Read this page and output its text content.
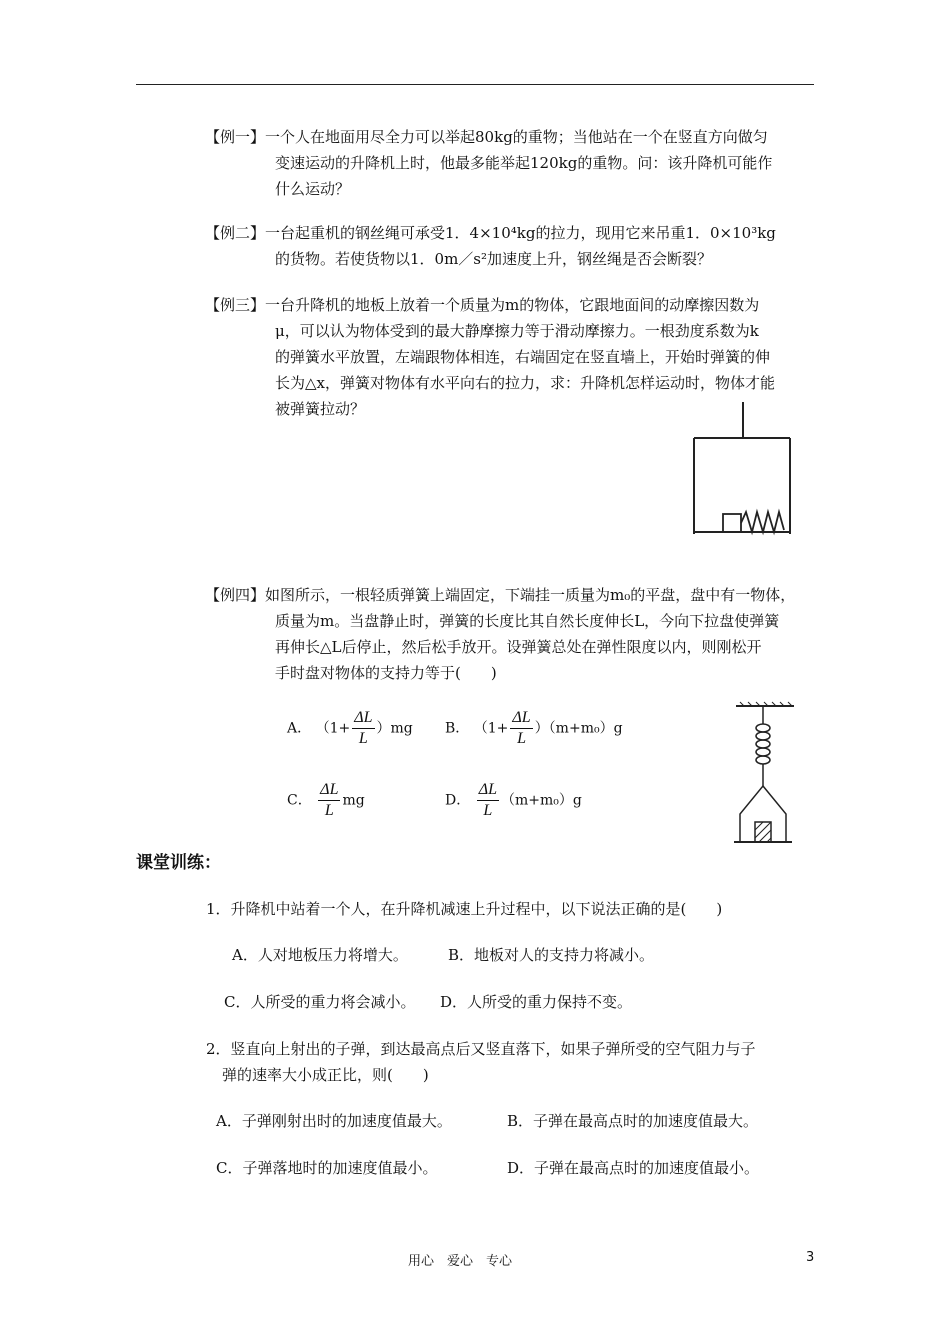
【例一】一个人在地面用尽全力可以举起80kg的重物；当他站在一个在竖直方向做匀
变速运动的升降机上时，他最多能举起120kg的重物。问：该升降机可能作
什么运动？
【例二】一台起重机的钢丝绳可承受1．4×10⁴kg的拉力，现用它来吊重1．0×10³kg
的货物。若使货物以1．0m／s²加速度上升，钢丝绳是否会断裂？
【例三】一台升降机的地板上放着一个质量为m的物体，它跟地面间的动摩擦因数为
μ，可以认为物体受到的最大静摩擦力等于滑动摩擦力。一根劲度系数为k
的弹簧水平放置，左端跟物体相连，右端固定在竖直墙上，开始时弹簧的伸
长为△x，弹簧对物体有水平向右的拉力，求：升降机怎样运动时，物体才能
被弹簧拉动？
【例四】如图所示，一根轻质弹簧上端固定，下端挂一质量为m₀的平盘，盘中有一物体，
质量为m。当盘静止时，弹簧的长度比其自然长度伸长L，今向下拉盘使弹簧
再伸长△L后停止，然后松手放开。设弹簧总处在弹性限度以内，则刚松开
手时盘对物体的支持力等于(　　)
A． $(1+ \frac{\Delta L}{L} )mg$ B． $(1+ \frac{\Delta L}{L} )(m+m_0)g$
C． $\frac{\Delta L}{L}$ mg	D． $\frac{\Delta L}{L} (m+m_0)g$
课堂训练：
1．升降机中站着一个人，在升降机减速上升过程中，以下说法正确的是(　　)
A．人对地板压力将增大。	B．地板对人的支持力将减小。
C．人所受的重力将会减小。 D．人所受的重力保持不变。
2．竖直向上射出的子弹，到达最高点后又竖直落下，如果子弹所受的空气阻力与子
弹的速率大小成正比，则(　　)
A．子弹刚射出时的加速度值最大。	B．子弹在最高点时的加速度值最大。
C．子弹落地时的加速度值最小。	D．子弹在最高点时的加速度值最小。
用心　爱心　专心	3
